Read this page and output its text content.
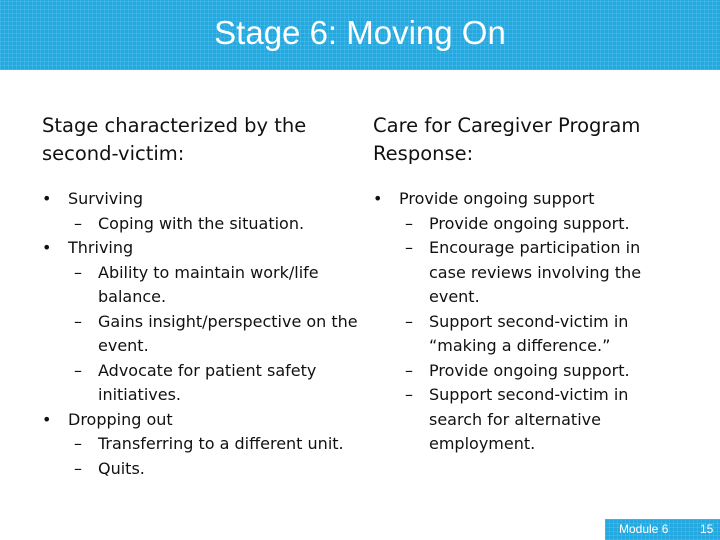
Stage 6: Moving On
Stage characterized by the second-victim:
• Surviving
– Coping with the situation.
• Thriving
– Ability to maintain work/life balance.
– Gains insight/perspective on the event.
– Advocate for patient safety initiatives.
• Dropping out
– Transferring to a different unit.
– Quits.
Care for Caregiver Program Response:
• Provide ongoing support
– Provide ongoing support.
– Encourage participation in case reviews involving the event.
– Support second-victim in “making a difference.”
– Provide ongoing support.
– Support second-victim in search for alternative employment.
Module 6	15
